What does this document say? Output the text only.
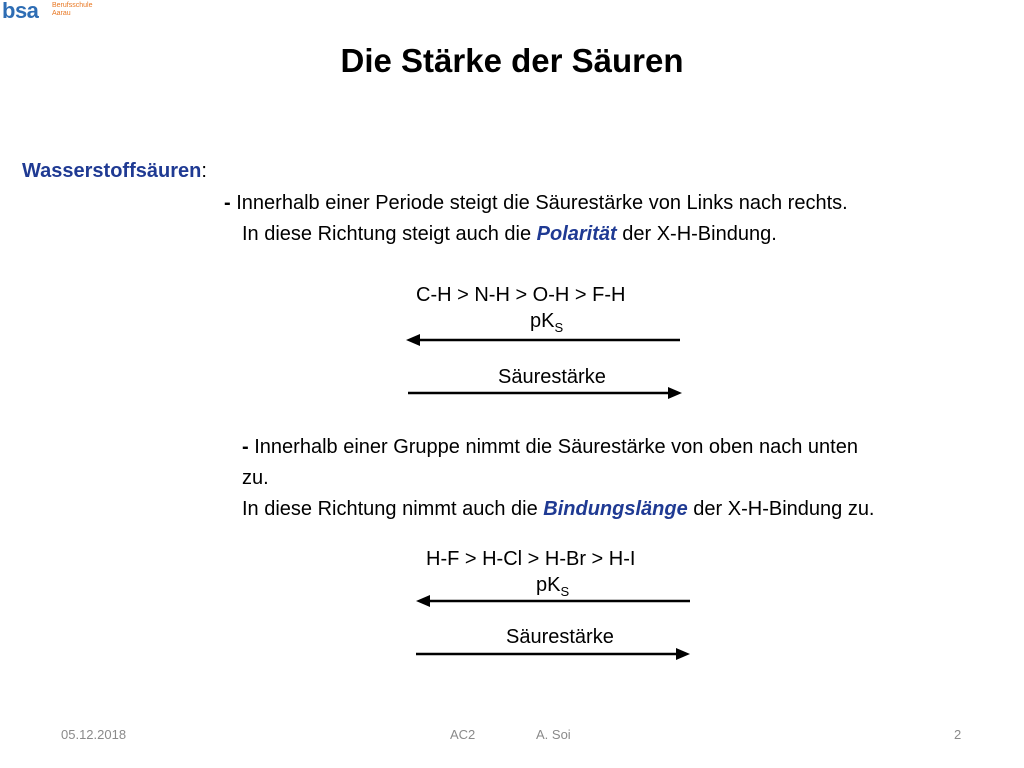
bsa Berufsschule
Aarau
Die Stärke der Säuren
Wasserstoffsäuren:
- Innerhalb einer Periode steigt die Säurestärke von Links nach rechts.
In diese Richtung steigt auch die Polarität der X-H-Bindung.
C-H > N-H > O-H > F-H
$pK_S$
Säurestärke
- Innerhalb einer Gruppe nimmt die Säurestärke von oben nach unten
zu.
In diese Richtung nimmt auch die Bindungslänge der X-H-Bindung zu.
H-F > H-Cl > H-Br > H-I
$pK_S$
Säurestärke
05.12.2018	AC2	A. Soi	2
